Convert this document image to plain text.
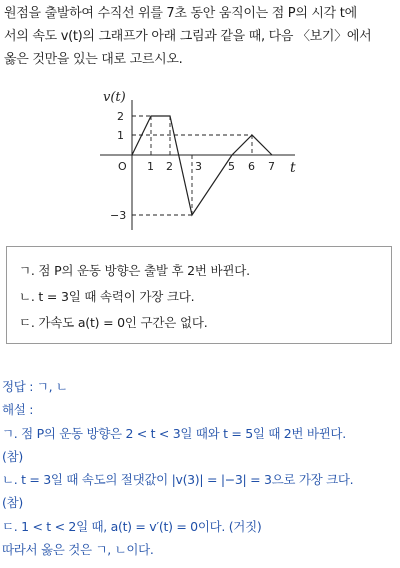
원점을 출발하여 수직선 위를 7초 동안 움직이는 점 P의 시각 t에
서의 속도 v(t)의 그래프가 아래 그림과 같을 때, 다음 〈보기〉에서
옳은 것만을 있는 대로 고르시오.
v(t)
t
O 1 2 3 5 6 7
2
1
−3
ㄱ. 점 P의 운동 방향은 출발 후 2번 바뀐다.
ㄴ. t = 3일 때 속력이 가장 크다.
ㄷ. 가속도 a(t) = 0인 구간은 없다.
정답 : ㄱ, ㄴ
해설 :
ㄱ. 점 P의 운동 방향은 2 < t < 3일 때와 t = 5일 때 2번 바뀐다.
(참)
ㄴ. t = 3일 때 속도의 절댓값이 |v(3)| = |−3| = 3으로 가장 크다.
(참)
ㄷ. 1 < t < 2일 때, a(t) = v′(t) = 0이다. (거짓)
따라서 옳은 것은 ㄱ, ㄴ이다.
